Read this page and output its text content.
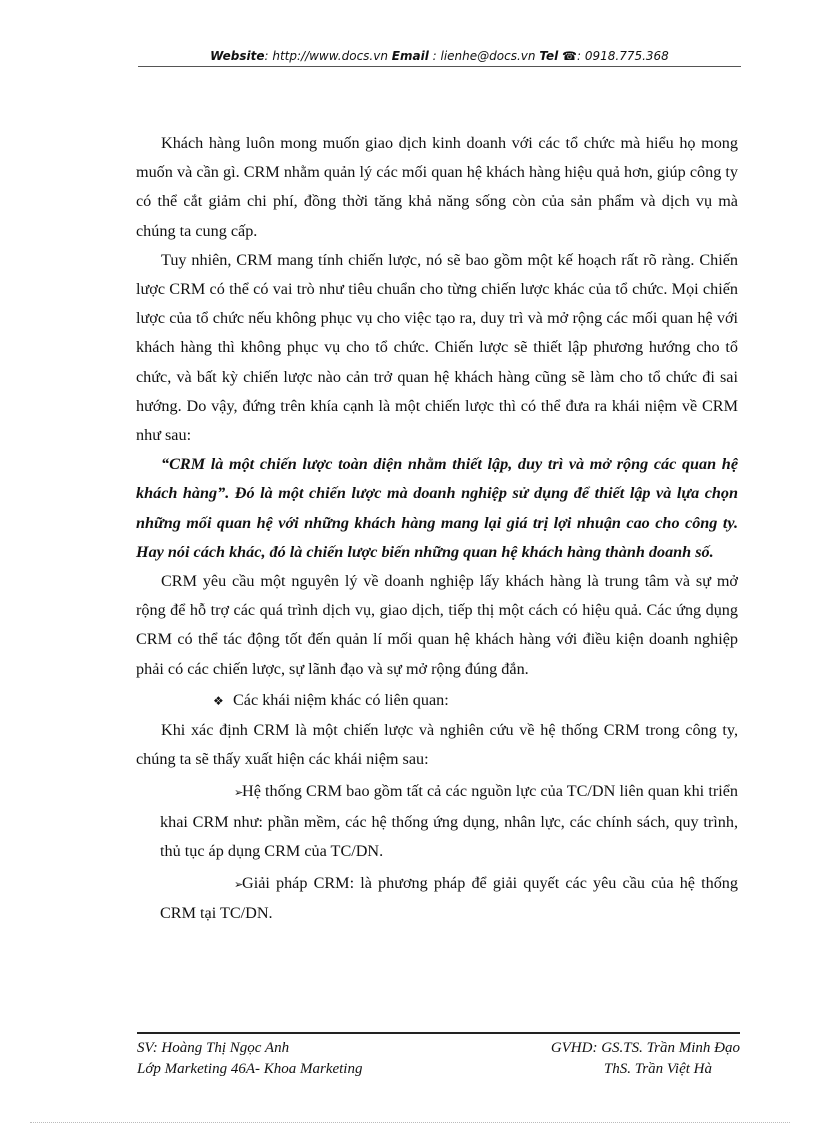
Website: http://www.docs.vn Email : lienhe@docs.vn Tel ☎: 0918.775.368

Khách hàng luôn mong muốn giao dịch kinh doanh với các tổ chức mà hiểu họ mong muốn và cần gì. CRM nhằm quản lý các mối quan hệ khách hàng hiệu quả hơn, giúp công ty có thể cắt giảm chi phí, đồng thời tăng khả năng sống còn của sản phẩm và dịch vụ mà chúng ta cung cấp.

Tuy nhiên, CRM mang tính chiến lược, nó sẽ bao gồm một kế hoạch rất rõ ràng. Chiến lược CRM có thể có vai trò như tiêu chuẩn cho từng chiến lược khác của tổ chức. Mọi chiến lược của tổ chức nếu không phục vụ cho việc tạo ra, duy trì và mở rộng các mối quan hệ với khách hàng thì không phục vụ cho tổ chức. Chiến lược sẽ thiết lập phương hướng cho tổ chức, và bất kỳ chiến lược nào cản trở quan hệ khách hàng cũng sẽ làm cho tổ chức đi sai hướng. Do vậy, đứng trên khía cạnh là một chiến lược thì có thể đưa ra khái niệm về CRM như sau:

“CRM là một chiến lược toàn diện nhằm thiết lập, duy trì và mở rộng các quan hệ khách hàng”. Đó là một chiến lược mà doanh nghiệp sử dụng để thiết lập và lựa chọn những mối quan hệ với những khách hàng mang lại giá trị lợi nhuận cao cho công ty. Hay nói cách khác, đó là chiến lược biến những quan hệ khách hàng thành doanh số.

CRM yêu cầu một nguyên lý về doanh nghiệp lấy khách hàng là trung tâm và sự mở rộng để hỗ trợ các quá trình dịch vụ, giao dịch, tiếp thị một cách có hiệu quả. Các ứng dụng CRM có thể tác động tốt đến quản lí mối quan hệ khách hàng với điều kiện doanh nghiệp phải có các chiến lược, sự lãnh đạo và sự mở rộng đúng đắn.

❖ Các khái niệm khác có liên quan:

Khi xác định CRM là một chiến lược và nghiên cứu về hệ thống CRM trong công ty, chúng ta sẽ thấy xuất hiện các khái niệm sau:

➢Hệ thống CRM bao gồm tất cả các nguồn lực của TC/DN liên quan khi triển khai CRM như: phần mềm, các hệ thống ứng dụng, nhân lực, các chính sách, quy trình, thủ tục áp dụng CRM của TC/DN.

➢Giải pháp CRM: là phương pháp để giải quyết các yêu cầu của hệ thống CRM tại TC/DN.

SV: Hoàng Thị Ngọc Anh	GVHD: GS.TS. Trần Minh Đạo
Lớp Marketing 46A- Khoa Marketing	ThS. Trần Việt Hà
